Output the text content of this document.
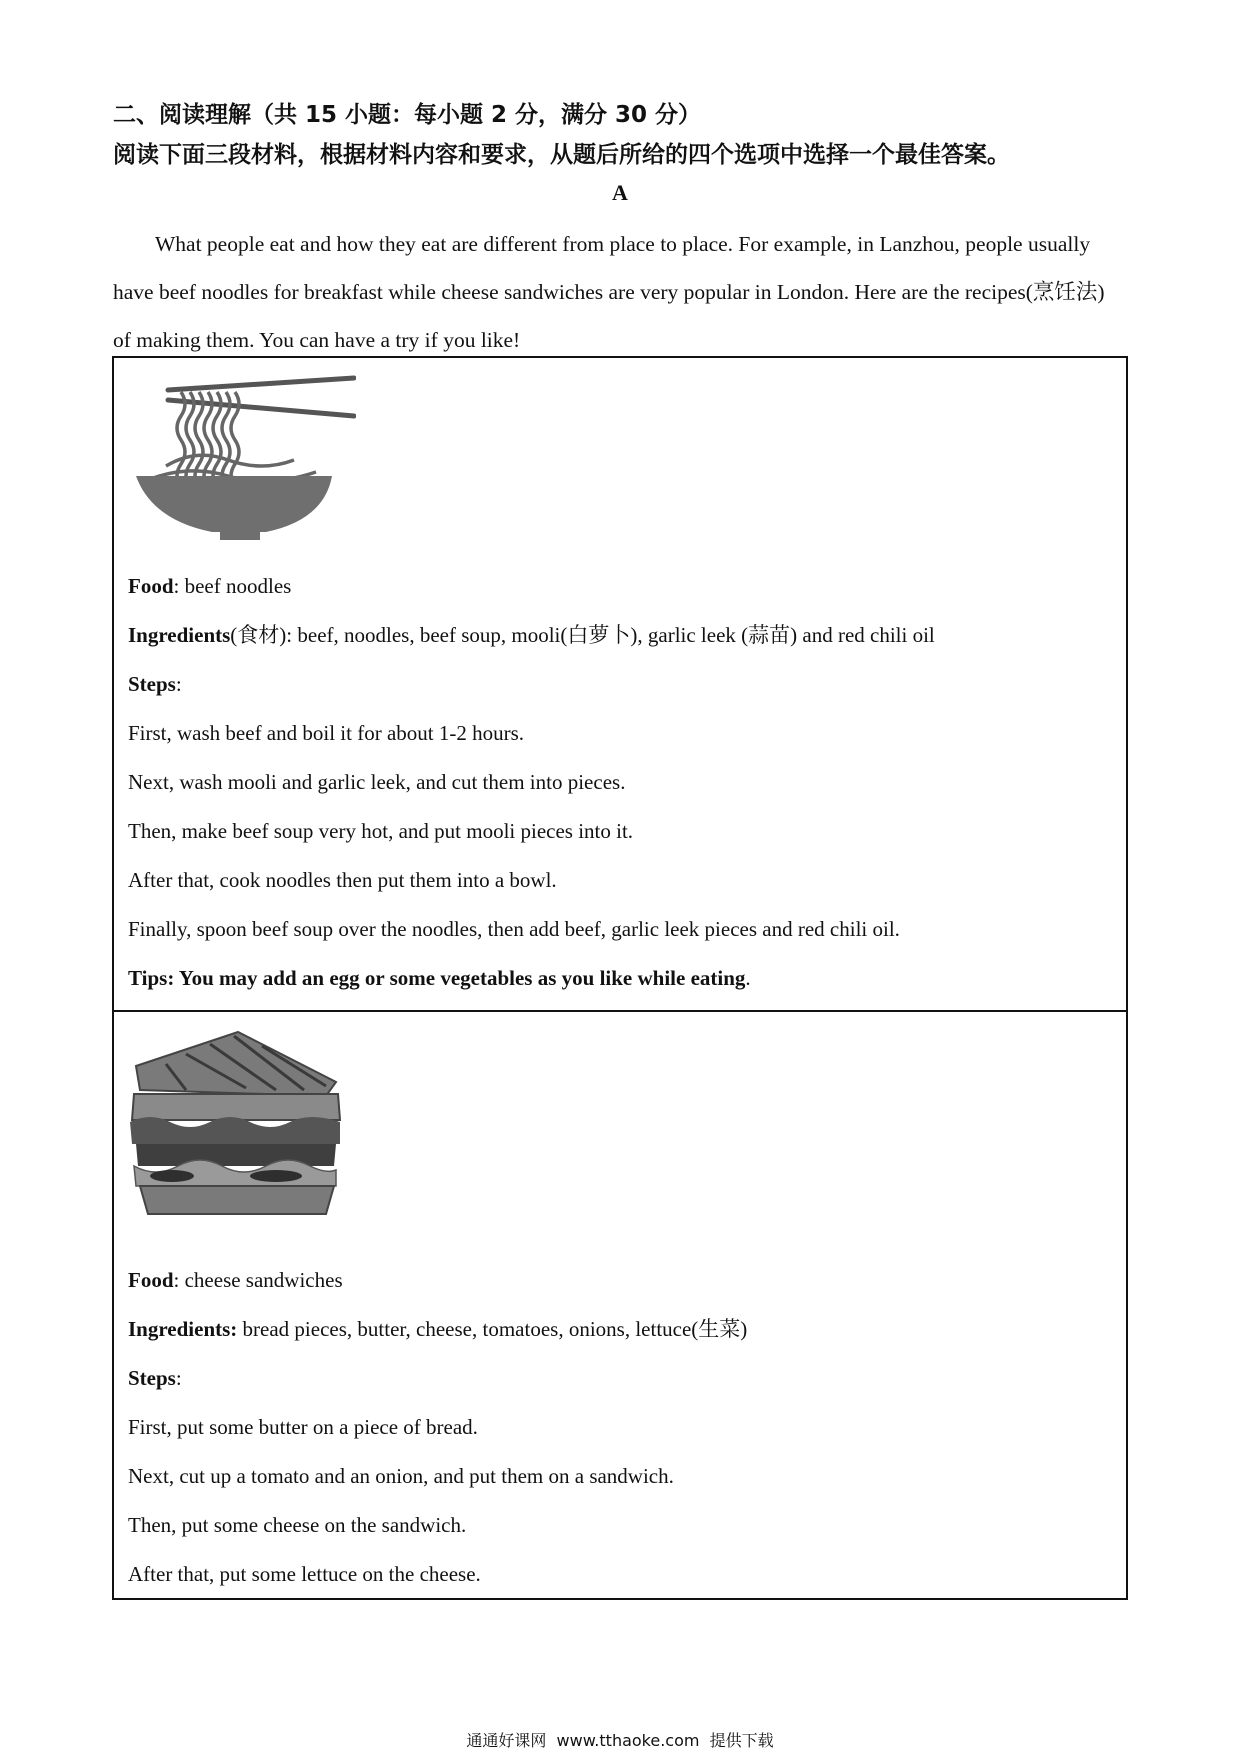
二、阅读理解（共 15 小题：每小题 2 分，满分 30 分）
阅读下面三段材料，根据材料内容和要求，从题后所给的四个选项中选择一个最佳答案。
A

What people eat and how they eat are different from place to place. For example, in Lanzhou, people usually have beef noodles for breakfast while cheese sandwiches are very popular in London. Here are the recipes(烹饪法) of making them. You can have a try if you like!

Food: beef noodles
Ingredients(食材): beef, noodles, beef soup, mooli(白萝卜), garlic leek (蒜苗) and red chili oil
Steps:
First, wash beef and boil it for about 1-2 hours.
Next, wash mooli and garlic leek, and cut them into pieces.
Then, make beef soup very hot, and put mooli pieces into it.
After that, cook noodles then put them into a bowl.
Finally, spoon beef soup over the noodles, then add beef, garlic leek pieces and red chili oil.
Tips: You may add an egg or some vegetables as you like while eating.
Food: cheese sandwiches
Ingredients: bread pieces, butter, cheese, tomatoes, onions, lettuce(生菜)
Steps:
First, put some butter on a piece of bread.
Next, cut up a tomato and an onion, and put them on a sandwich.
Then, put some cheese on the sandwich.
After that, put some lettuce on the cheese.
通通好课网  www.tthaoke.com  提供下载
